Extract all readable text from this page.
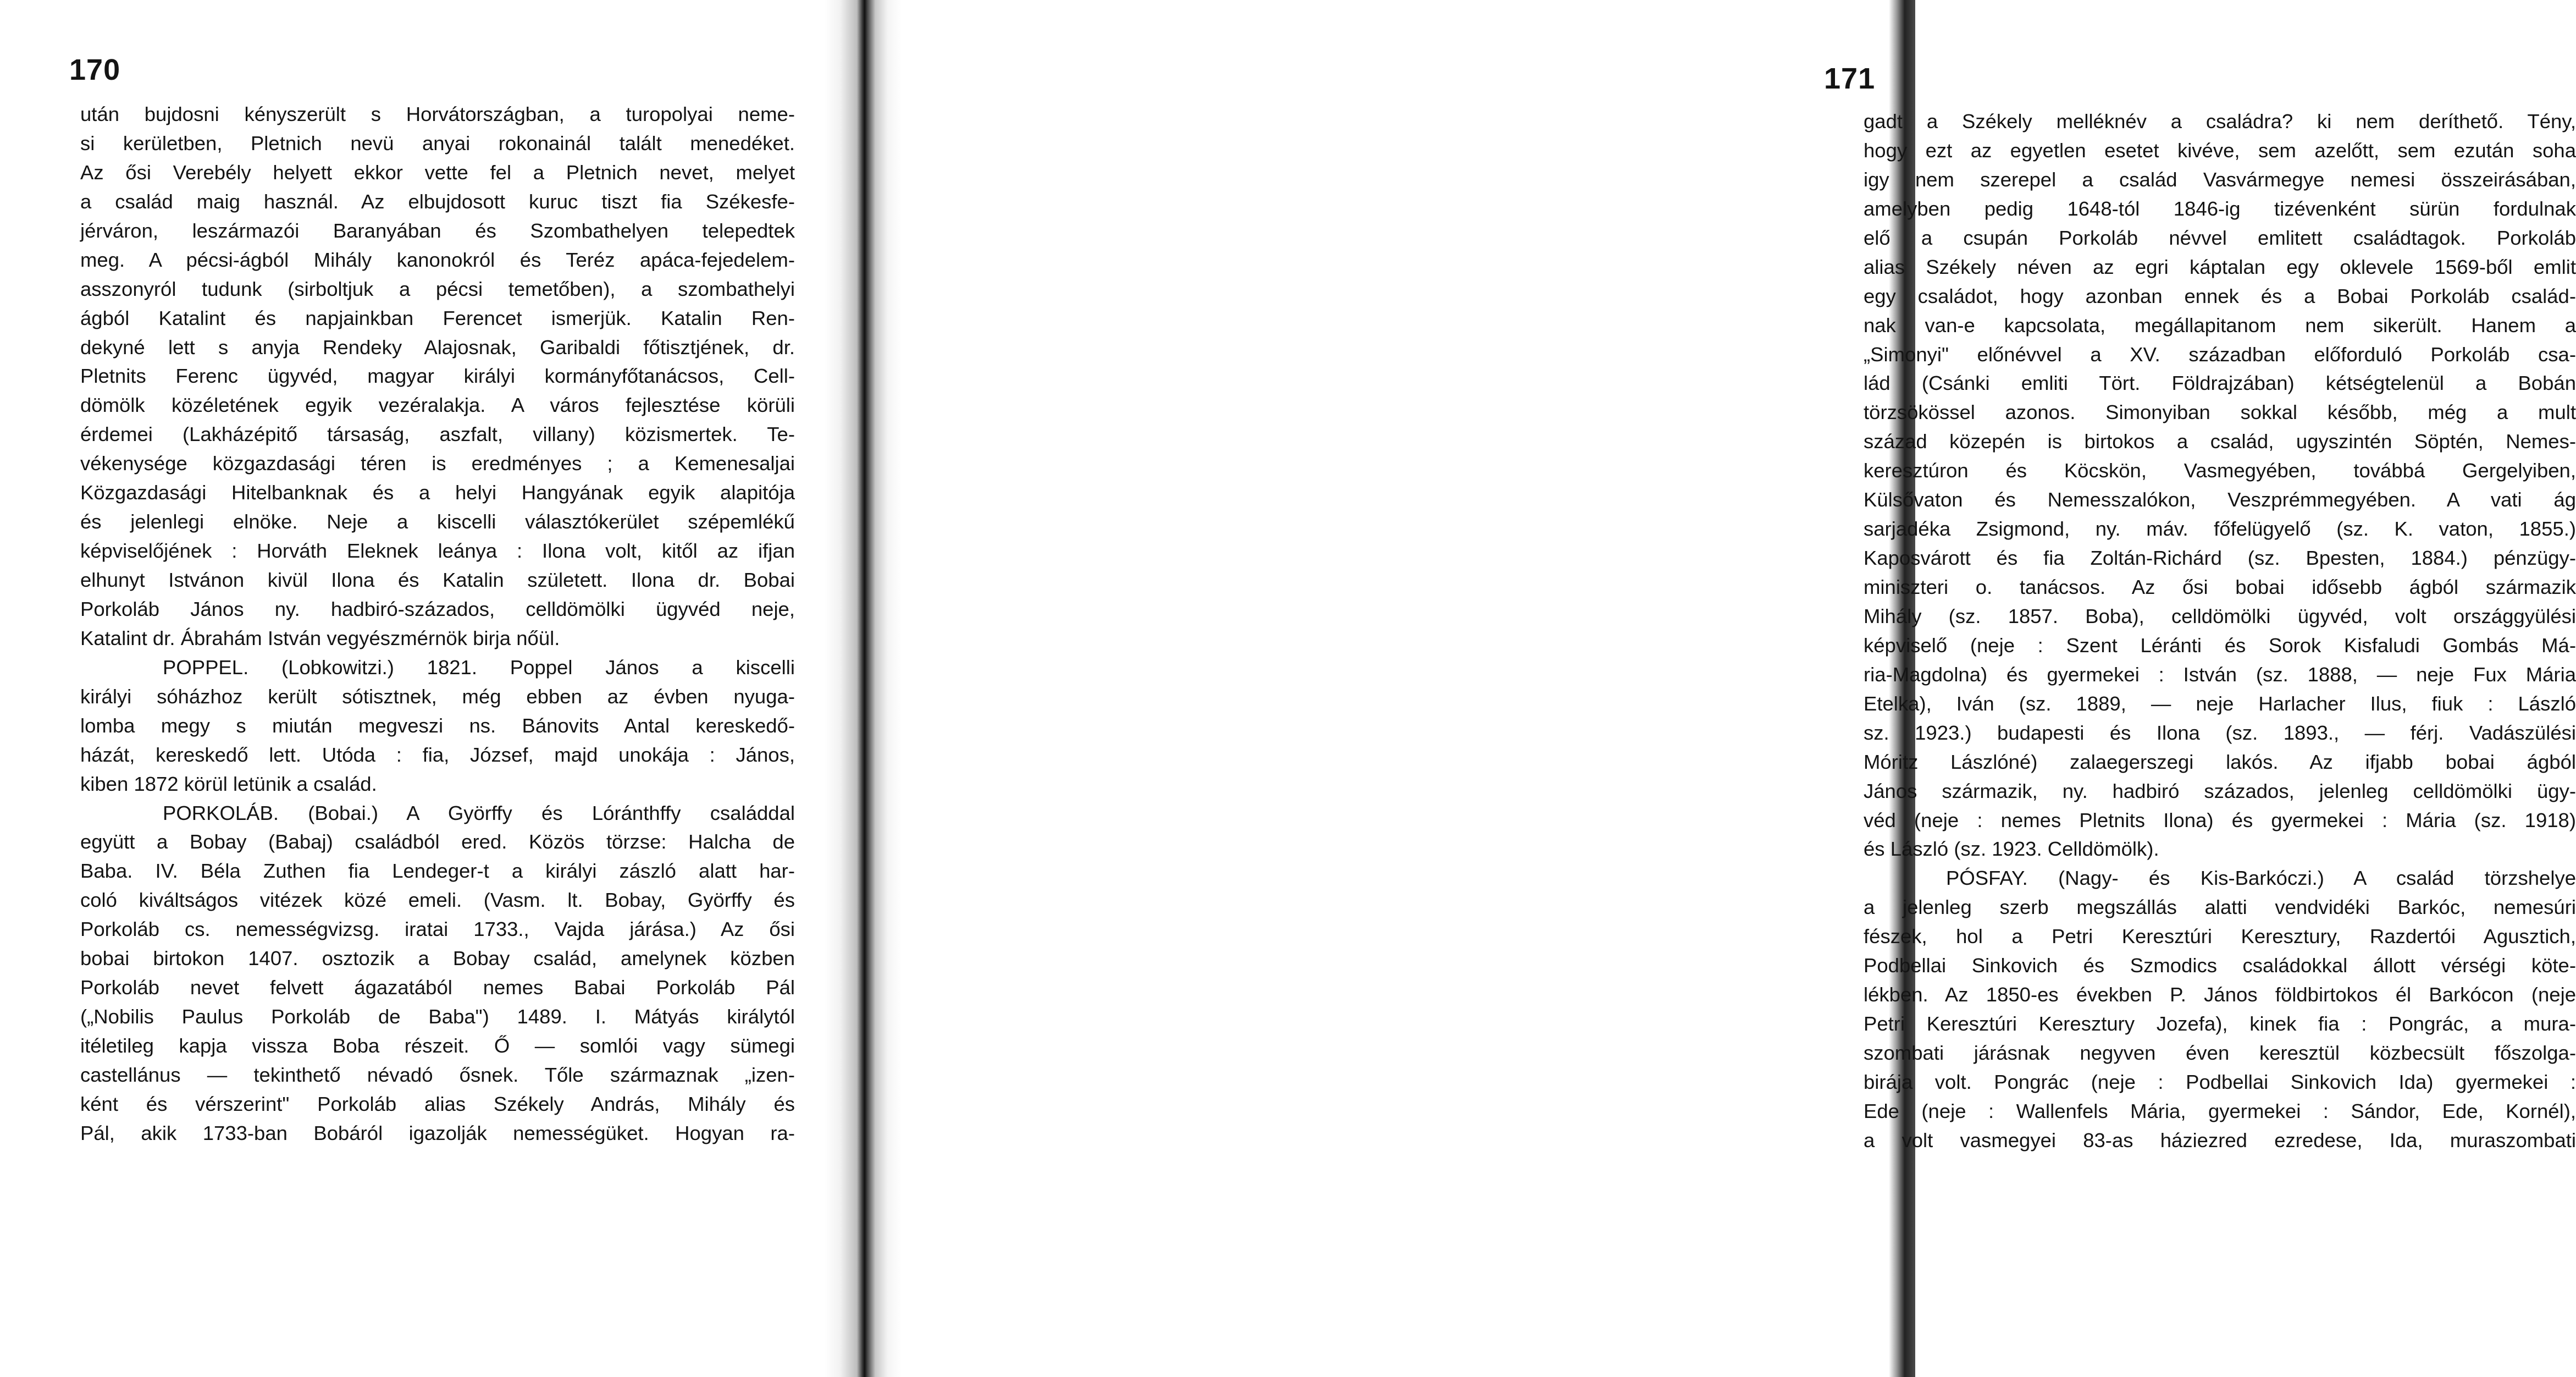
170
után bujdosni kényszerült s Horvátországban, a turopolyai neme-
si kerületben, Pletnich nevü anyai rokonainál talált menedéket.
Az ősi Verebély helyett ekkor vette fel a Pletnich nevet, melyet
a család maig használ. Az elbujdosott kuruc tiszt fia Székesfe-
jérváron, leszármazói Baranyában és Szombathelyen telepedtek
meg. A pécsi-ágból Mihály kanonokról és Teréz apáca-fejedelem-
asszonyról tudunk (sirboltjuk a pécsi temetőben), a szombathelyi
ágból Katalint és napjainkban Ferencet ismerjük. Katalin Ren-
dekyné lett s anyja Rendeky Alajosnak, Garibaldi főtisztjének, dr.
Pletnits Ferenc ügyvéd, magyar királyi kormányfőtanácsos, Cell-
dömölk közéletének egyik vezéralakja. A város fejlesztése körüli
érdemei (Lakházépitő társaság, aszfalt, villany) közismertek. Te-
vékenysége közgazdasági téren is eredményes ; a Kemenesaljai
Közgazdasági Hitelbanknak és a helyi Hangyának egyik alapitója
és jelenlegi elnöke. Neje a kiscelli választókerület szépemlékű
képviselőjének : Horváth Eleknek leánya : Ilona volt, kitől az ifjan
elhunyt Istvánon kivül Ilona és Katalin született. Ilona dr. Bobai
Porkoláb János ny. hadbiró-százados, celldömölki ügyvéd neje,
Katalint dr. Ábrahám István vegyészmérnök birja nőül.
POPPEL. (Lobkowitzi.) 1821. Poppel János a kiscelli
királyi sóházhoz került sótisztnek, még ebben az évben nyuga-
lomba megy s miután megveszi ns. Bánovits Antal kereskedő-
házát, kereskedő lett. Utóda : fia, József, majd unokája : János,
kiben 1872 körül letünik a család.
PORKOLÁB. (Bobai.) A Györffy és Lóránthffy családdal
együtt a Bobay (Babaj) családból ered. Közös törzse: Halcha de
Baba. IV. Béla Zuthen fia Lendeger-t a királyi zászló alatt har-
coló kiváltságos vitézek közé emeli. (Vasm. lt. Bobay, Györffy és
Porkoláb cs. nemességvizsg. iratai 1733., Vajda járása.) Az ősi
bobai birtokon 1407. osztozik a Bobay család, amelynek közben
Porkoláb nevet felvett ágazatából nemes Babai Porkoláb Pál
(„Nobilis Paulus Porkoláb de Baba") 1489. I. Mátyás királytól
itéletileg kapja vissza Boba részeit. Ő — somlói vagy sümegi
castellánus — tekinthető névadó ősnek. Tőle származnak „izen-
ként és vérszerint" Porkoláb alias Székely András, Mihály és
Pál, akik 1733-ban Bobáról igazolják nemességüket. Hogyan ra-
171
gadt a Székely melléknév a családra? ki nem deríthető. Tény,
hogy ezt az egyetlen esetet kivéve, sem azelőtt, sem ezután soha
igy nem szerepel a család Vasvármegye nemesi összeirásában,
amelyben pedig 1648-tól 1846-ig tizévenként sürün fordulnak
elő a csupán Porkoláb névvel emlitett családtagok. Porkoláb
alias Székely néven az egri káptalan egy oklevele 1569-ből emlit
egy családot, hogy azonban ennek és a Bobai Porkoláb család-
nak van-e kapcsolata, megállapitanom nem sikerült. Hanem a
„Simonyi" előnévvel a XV. században előforduló Porkoláb csa-
lád (Csánki emliti Tört. Földrajzában) kétségtelenül a Bobán
törzsökössel azonos. Simonyiban sokkal később, még a mult
század közepén is birtokos a család, ugyszintén Söptén, Nemes-
keresztúron és Köcskön, Vasmegyében, továbbá Gergelyiben,
Külsővaton és Nemesszalókon, Veszprémmegyében. A vati ág
sarjadéka Zsigmond, ny. máv. főfelügyelő (sz. K. vaton, 1855.)
Kaposvárott és fia Zoltán-Richárd (sz. Bpesten, 1884.) pénzügy-
miniszteri o. tanácsos. Az ősi bobai idősebb ágból származik
Mihály (sz. 1857. Boba), celldömölki ügyvéd, volt országgyülési
képviselő (neje : Szent Léránti és Sorok Kisfaludi Gombás Má-
ria-Magdolna) és gyermekei : István (sz. 1888, — neje Fux Mária
Etelka), Iván (sz. 1889, — neje Harlacher Ilus, fiuk : László
sz. 1923.) budapesti és Ilona (sz. 1893., — férj. Vadászülési
Móritz Lászlóné) zalaegerszegi lakós. Az ifjabb bobai ágból
János származik, ny. hadbiró százados, jelenleg celldömölki ügy-
véd (neje : nemes Pletnits Ilona) és gyermekei : Mária (sz. 1918)
és László (sz. 1923. Celldömölk).
PÓSFAY. (Nagy- és Kis-Barkóczi.) A család törzshelye
a jelenleg szerb megszállás alatti vendvidéki Barkóc, nemesúri
fészek, hol a Petri Keresztúri Keresztury, Razdertói Agusztich,
Podbellai Sinkovich és Szmodics családokkal állott vérségi köte-
lékben. Az 1850-es években P. János földbirtokos él Barkócon (neje
Petri Keresztúri Keresztury Jozefa), kinek fia : Pongrác, a mura-
szombati járásnak negyven éven keresztül közbecsült főszolga-
birája volt. Pongrác (neje : Podbellai Sinkovich Ida) gyermekei :
Ede (neje : Wallenfels Mária, gyermekei : Sándor, Ede, Kornél),
a volt vasmegyei 83-as háziezred ezredese, Ida, muraszombati
